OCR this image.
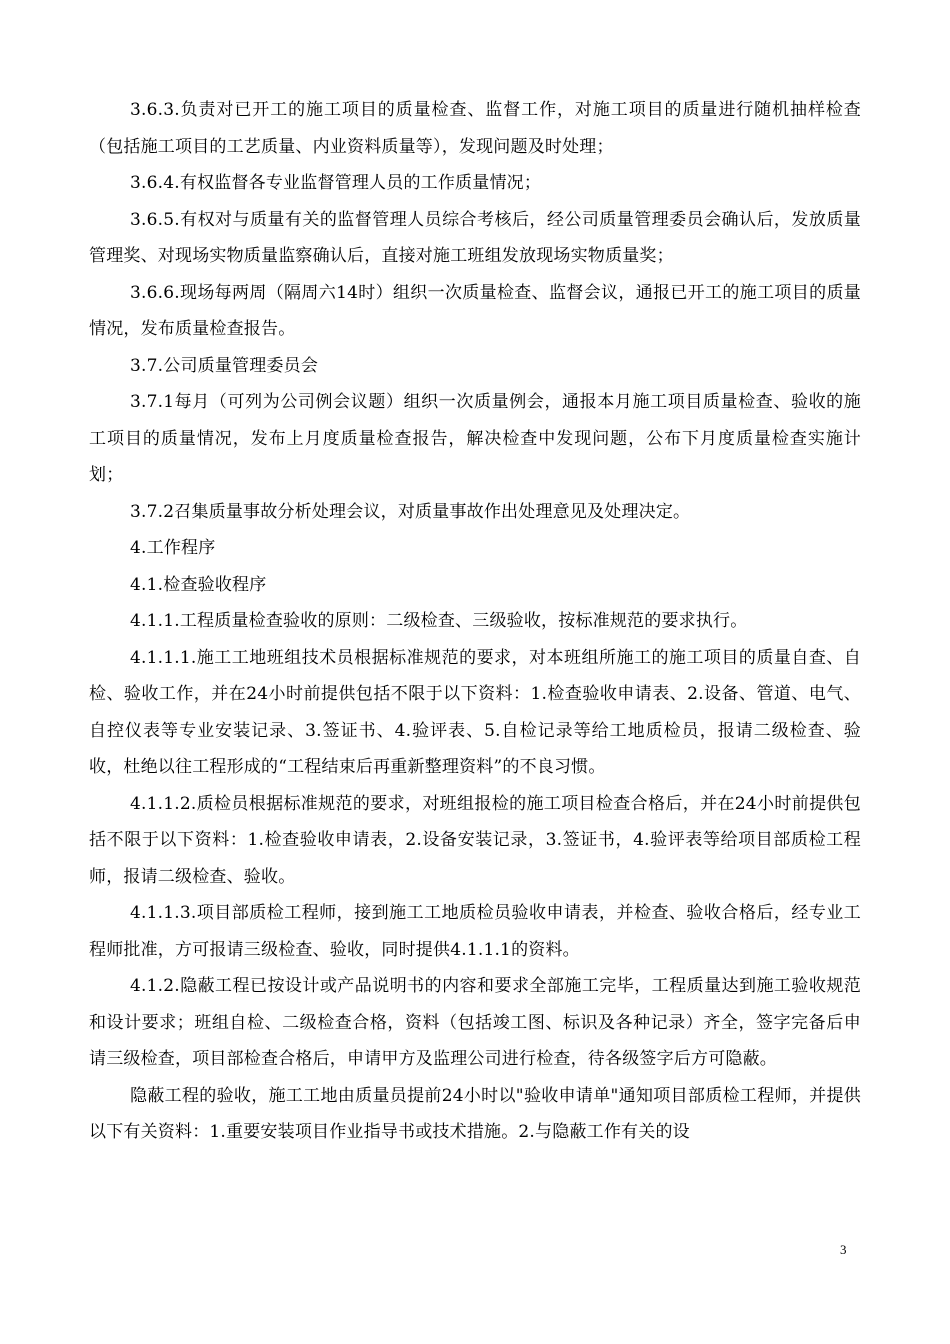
3.6.3.负责对已开工的施工项目的质量检查、监督工作，对施工项目的质量进行随机抽样检查（包括施工项目的工艺质量、内业资料质量等），发现问题及时处理；

3.6.4.有权监督各专业监督管理人员的工作质量情况；

3.6.5.有权对与质量有关的监督管理人员综合考核后，经公司质量管理委员会确认后，发放质量管理奖、对现场实物质量监察确认后，直接对施工班组发放现场实物质量奖；

3.6.6.现场每两周（隔周六14时）组织一次质量检查、监督会议，通报已开工的施工项目的质量情况，发布质量检查报告。

3.7.公司质量管理委员会

3.7.1每月（可列为公司例会议题）组织一次质量例会，通报本月施工项目质量检查、验收的施工项目的质量情况，发布上月度质量检查报告，解决检查中发现问题，公布下月度质量检查实施计划；

3.7.2召集质量事故分析处理会议，对质量事故作出处理意见及处理决定。

4.工作程序

4.1.检查验收程序

4.1.1.工程质量检查验收的原则：二级检查、三级验收，按标准规范的要求执行。

4.1.1.1.施工工地班组技术员根据标准规范的要求，对本班组所施工的施工项目的质量自查、自检、验收工作，并在24小时前提供包括不限于以下资料：1.检查验收申请表、2.设备、管道、电气、自控仪表等专业安装记录、3.签证书、4.验评表、5.自检记录等给工地质检员，报请二级检查、验收，杜绝以往工程形成的“工程结束后再重新整理资料”的不良习惯。

4.1.1.2.质检员根据标准规范的要求，对班组报检的施工项目检查合格后，并在24小时前提供包括不限于以下资料：1.检查验收申请表，2.设备安装记录，3.签证书，4.验评表等给项目部质检工程师，报请二级检查、验收。

4.1.1.3.项目部质检工程师，接到施工工地质检员验收申请表，并检查、验收合格后，经专业工程师批准，方可报请三级检查、验收，同时提供4.1.1.1的资料。

4.1.2.隐蔽工程已按设计或产品说明书的内容和要求全部施工完毕，工程质量达到施工验收规范和设计要求；班组自检、二级检查合格，资料（包括竣工图、标识及各种记录）齐全，签字完备后申请三级检查，项目部检查合格后，申请甲方及监理公司进行检查，待各级签字后方可隐蔽。

隐蔽工程的验收，施工工地由质量员提前24小时以"验收申请单"通知项目部质检工程师，并提供以下有关资料：1.重要安装项目作业指导书或技术措施。2.与隐蔽工作有关的设

3
